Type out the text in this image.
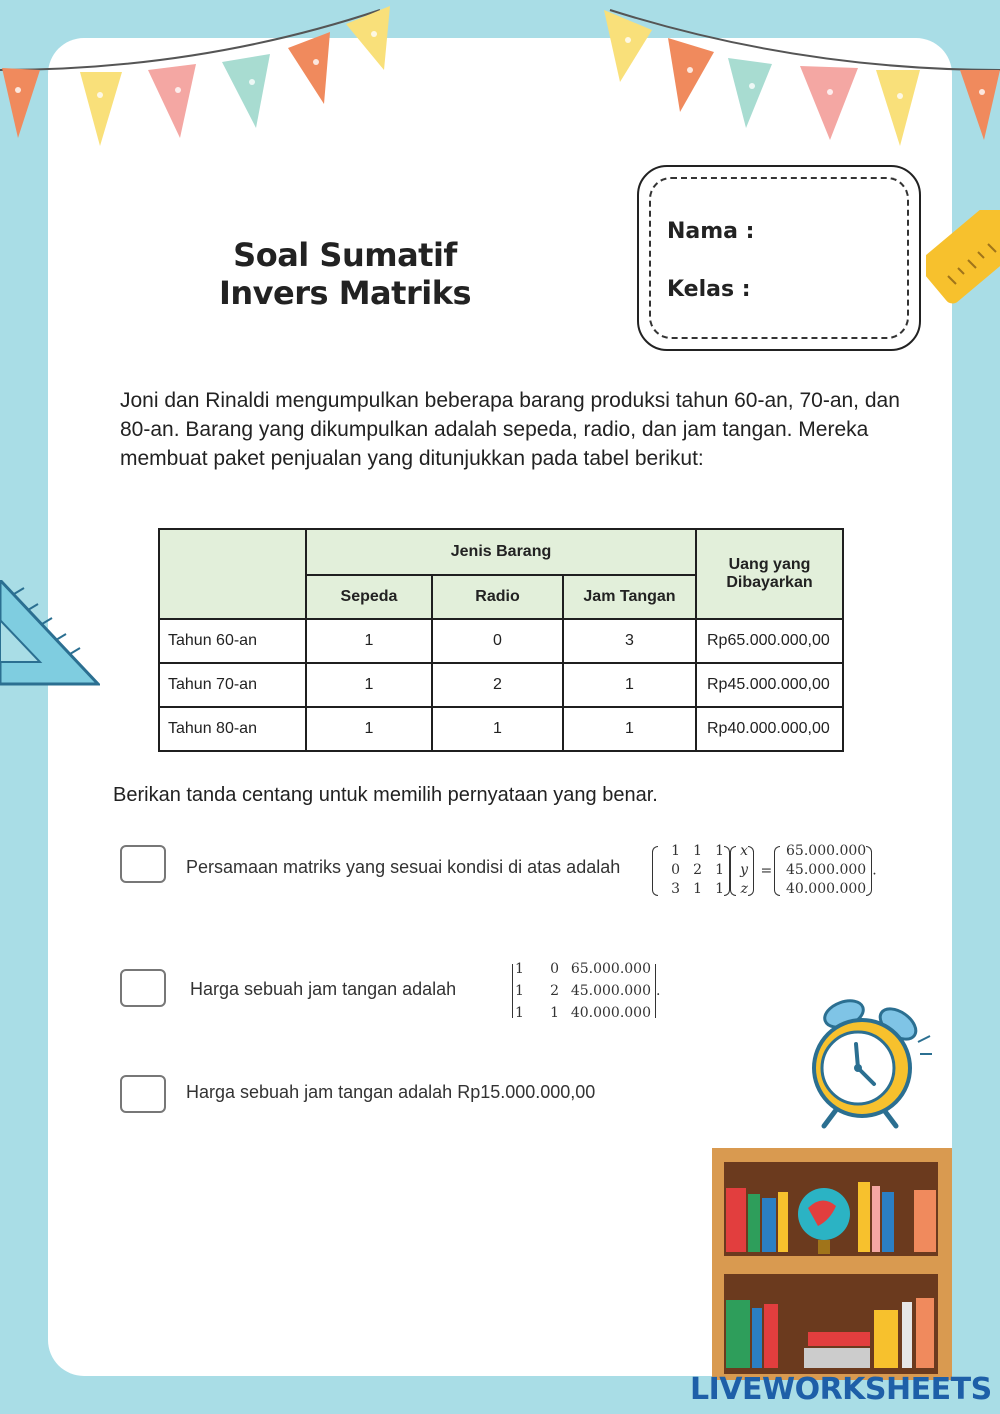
Soal Sumatif
Invers Matriks
Nama :
Kelas :

Joni dan Rinaldi mengumpulkan beberapa barang produksi tahun 60-an, 70-an, dan 80-an. Barang yang dikumpulkan adalah sepeda, radio, dan jam tangan. Mereka membuat paket penjualan yang ditunjukkan pada tabel berikut:

	Jenis Barang			Uang yang
Dibayarkan
	Sepeda	Radio	Jam Tangan	
Tahun 60-an	1	0	3	Rp65.000.000,00
Tahun 70-an	1	2	1	Rp45.000.000,00
Tahun 80-an	1	1	1	Rp40.000.000,00
Berikan tanda centang untuk memilih pernyataan yang benar.
Persamaan matriks yang sesuai kondisi di atas adalah
1 1 1
0 2 1
3 1 1
x
y
z
=
65.000.000
45.000.000
40.000.000
.
Harga sebuah jam tangan adalah
1	0 65.000.000
1	2 45.000.000
1	1 40.000.000
.
Harga sebuah jam tangan adalah Rp15.000.000,00
LIVEWORKSHEETS
